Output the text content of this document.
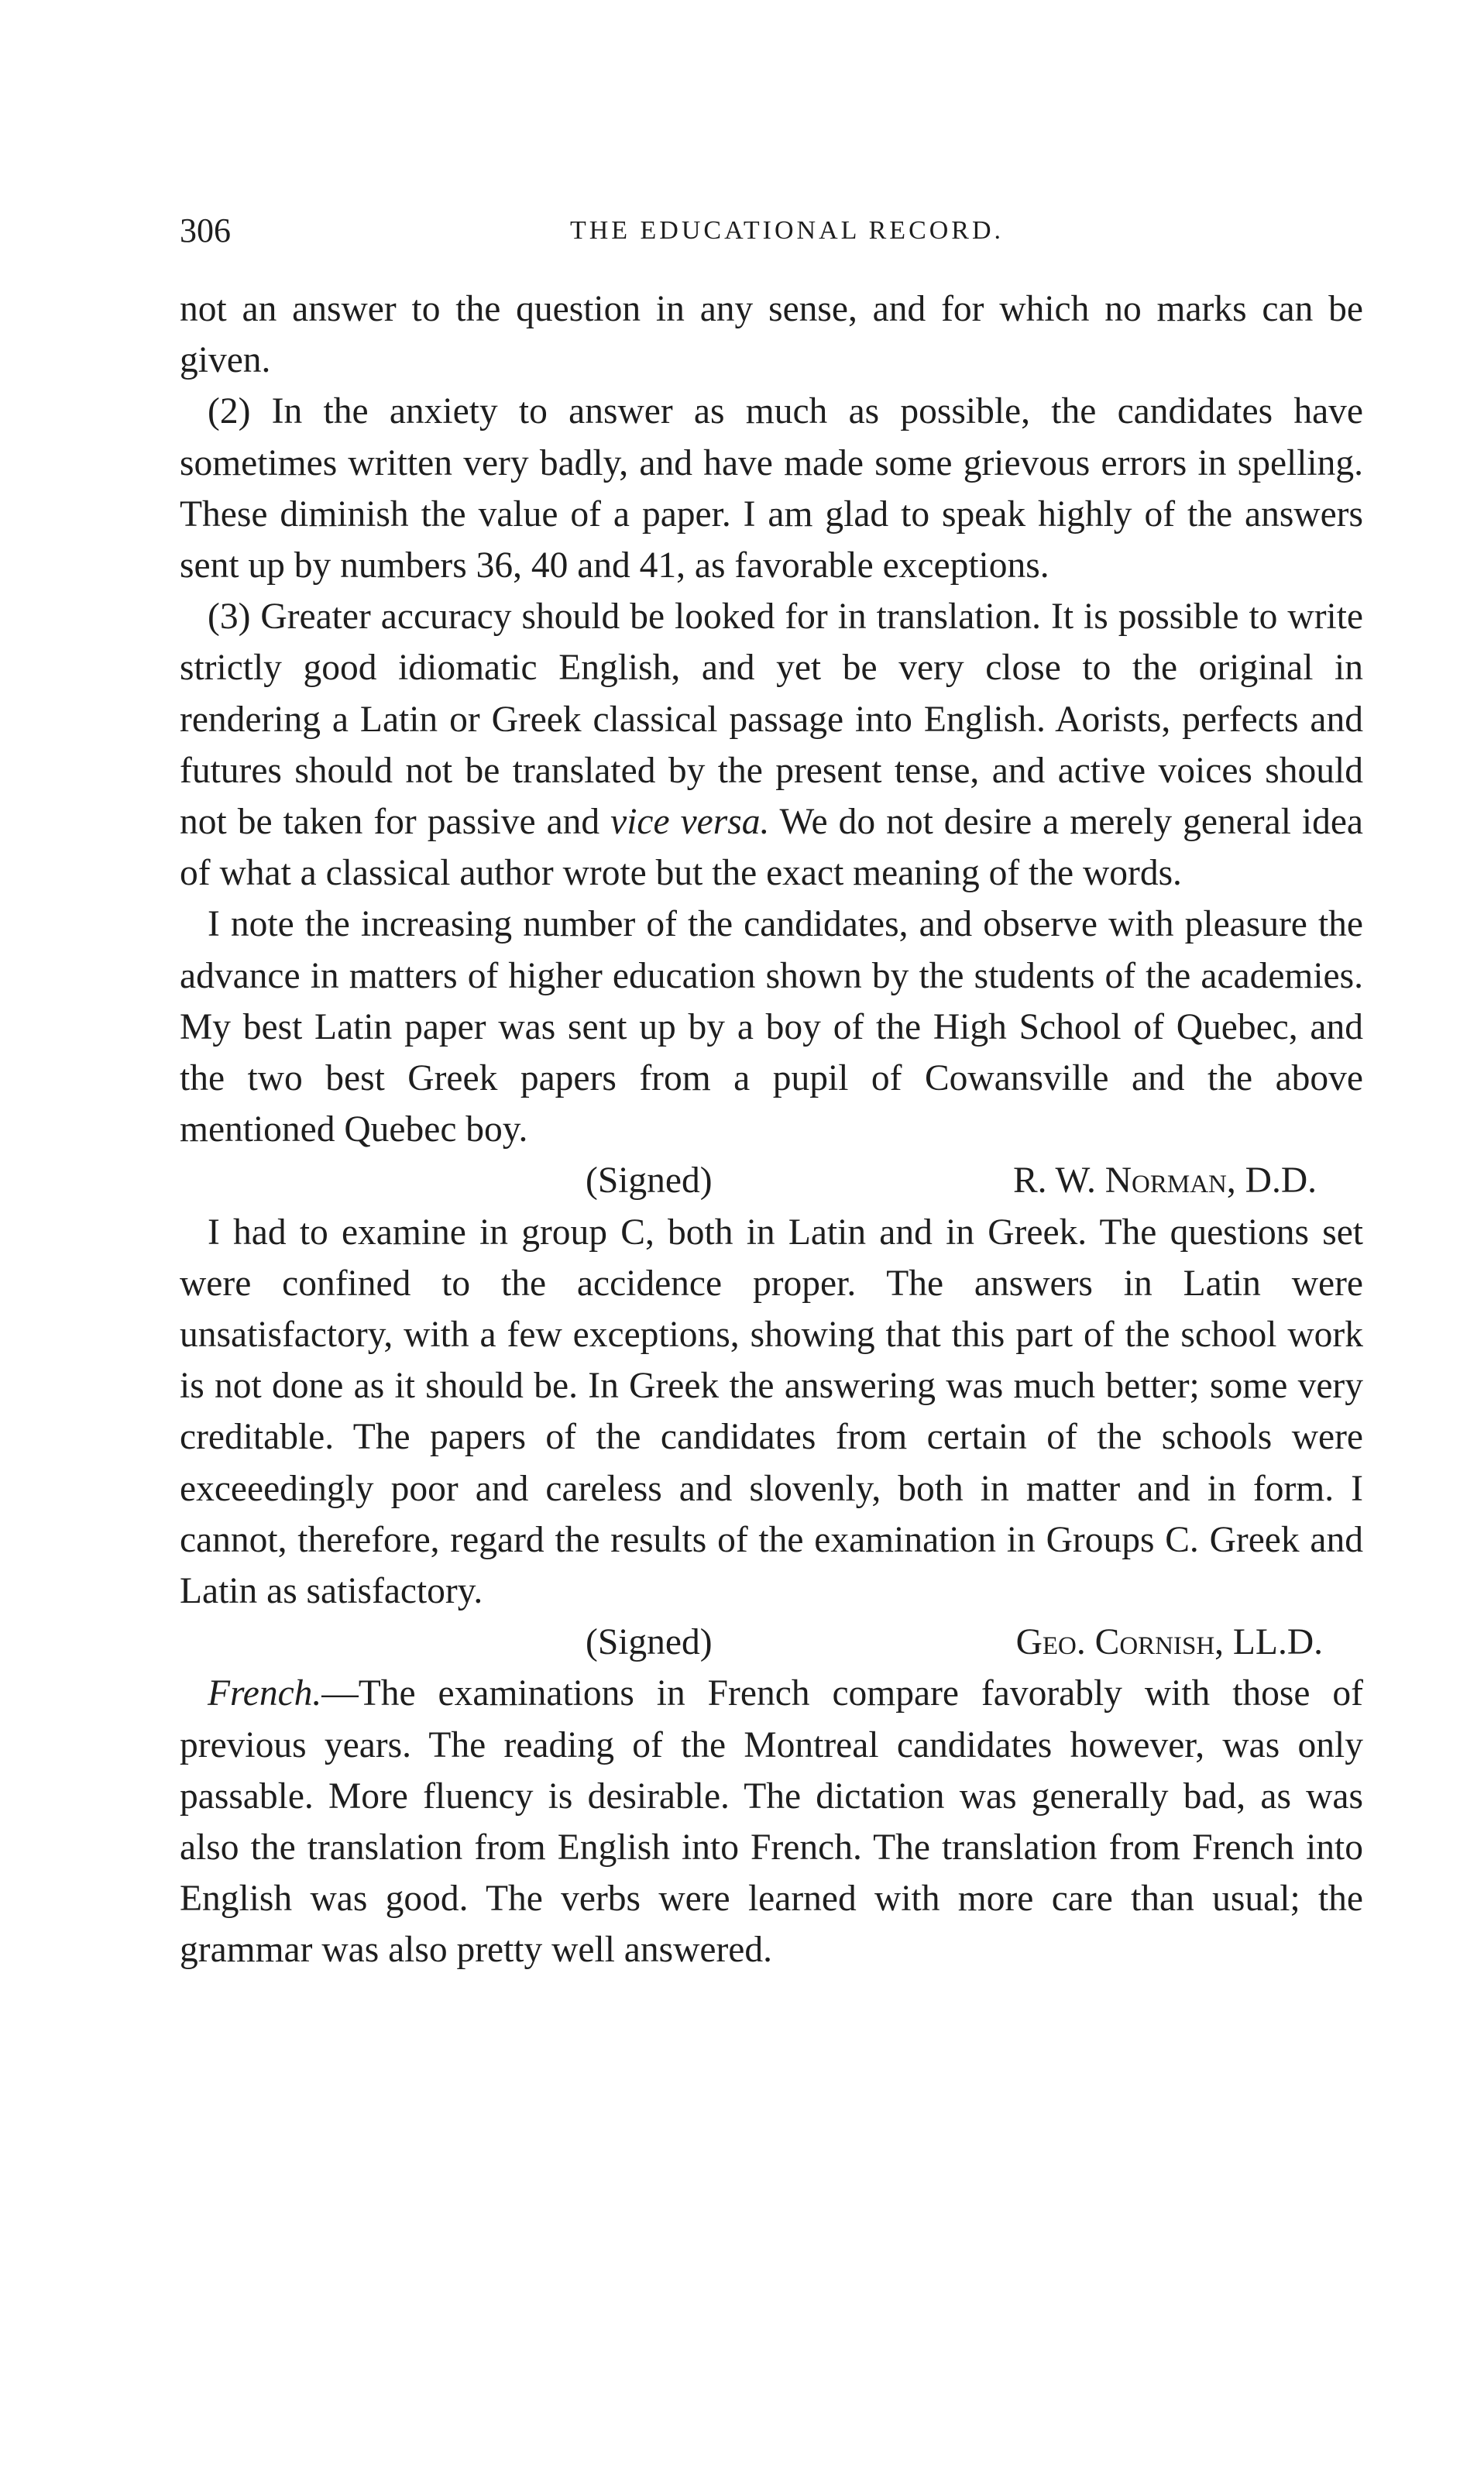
306	THE EDUCATIONAL RECORD.

not an answer to the question in any sense, and for which no marks can be given.

(2) In the anxiety to answer as much as possible, the candidates have sometimes written very badly, and have made some grievous errors in spelling. These diminish the value of a paper. I am glad to speak highly of the answers sent up by numbers 36, 40 and 41, as favorable exceptions.

(3) Greater accuracy should be looked for in translation. It is possible to write strictly good idiomatic English, and yet be very close to the original in rendering a Latin or Greek classical passage into English. Aorists, perfects and futures should not be translated by the present tense, and active voices should not be taken for passive and vice versa. We do not desire a merely general idea of what a classical author wrote but the exact meaning of the words.

I note the increasing number of the candidates, and observe with pleasure the advance in matters of higher education shown by the students of the academies. My best Latin paper was sent up by a boy of the High School of Quebec, and the two best Greek papers from a pupil of Cowansville and the above mentioned Quebec boy.

(Signed)	R. W. Norman, D.D.

I had to examine in group C, both in Latin and in Greek. The questions set were confined to the accidence proper. The answers in Latin were unsatisfactory, with a few exceptions, showing that this part of the school work is not done as it should be. In Greek the answering was much better; some very creditable. The papers of the candidates from certain of the schools were exceeedingly poor and careless and slovenly, both in matter and in form. I cannot, therefore, regard the results of the examination in Groups C. Greek and Latin as satisfactory.

(Signed)	Geo. Cornish, LL.D.

French.—The examinations in French compare favorably with those of previous years. The reading of the Montreal candidates however, was only passable. More fluency is desirable. The dictation was generally bad, as was also the translation from English into French. The translation from French into English was good. The verbs were learned with more care than usual; the grammar was also pretty well answered.
